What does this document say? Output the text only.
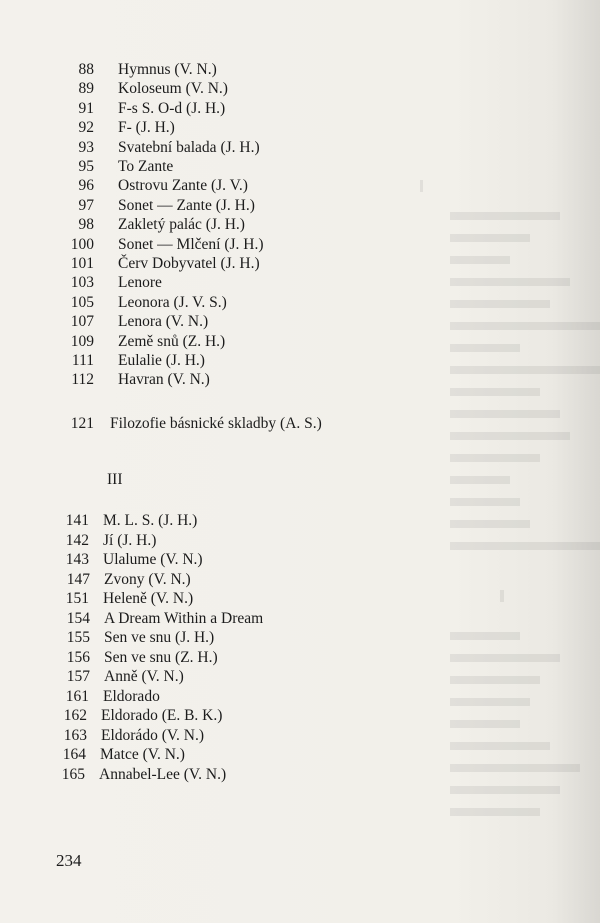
88 Hymnus (V. N.)
89 Koloseum (V. N.)
91 F-s S. O-d (J. H.)
92 F- (J. H.)
93 Svatební balada (J. H.)
95 To Zante
96 Ostrovu Zante (J. V.)
97 Sonet — Zante (J. H.)
98 Zakletý palác (J. H.)
100 Sonet — Mlčení (J. H.)
101 Červ Dobyvatel (J. H.)
103 Lenore
105 Leonora (J. V. S.)
107 Lenora (V. N.)
109 Země snů (Z. H.)
111 Eulalie (J. H.)
112 Havran (V. N.)
121 Filozofie básnické skladby (A. S.)
III
141 M. L. S. (J. H.)
142 Jí (J. H.)
143 Ulalume (V. N.)
147 Zvony (V. N.)
151 Heleně (V. N.)
154 A Dream Within a Dream
155 Sen ve snu (J. H.)
156 Sen ve snu (Z. H.)
157 Anně (V. N.)
161 Eldorado
162 Eldorado (E. B. K.)
163 Eldorádo (V. N.)
164 Matce (V. N.)
165 Annabel-Lee (V. N.)
234
